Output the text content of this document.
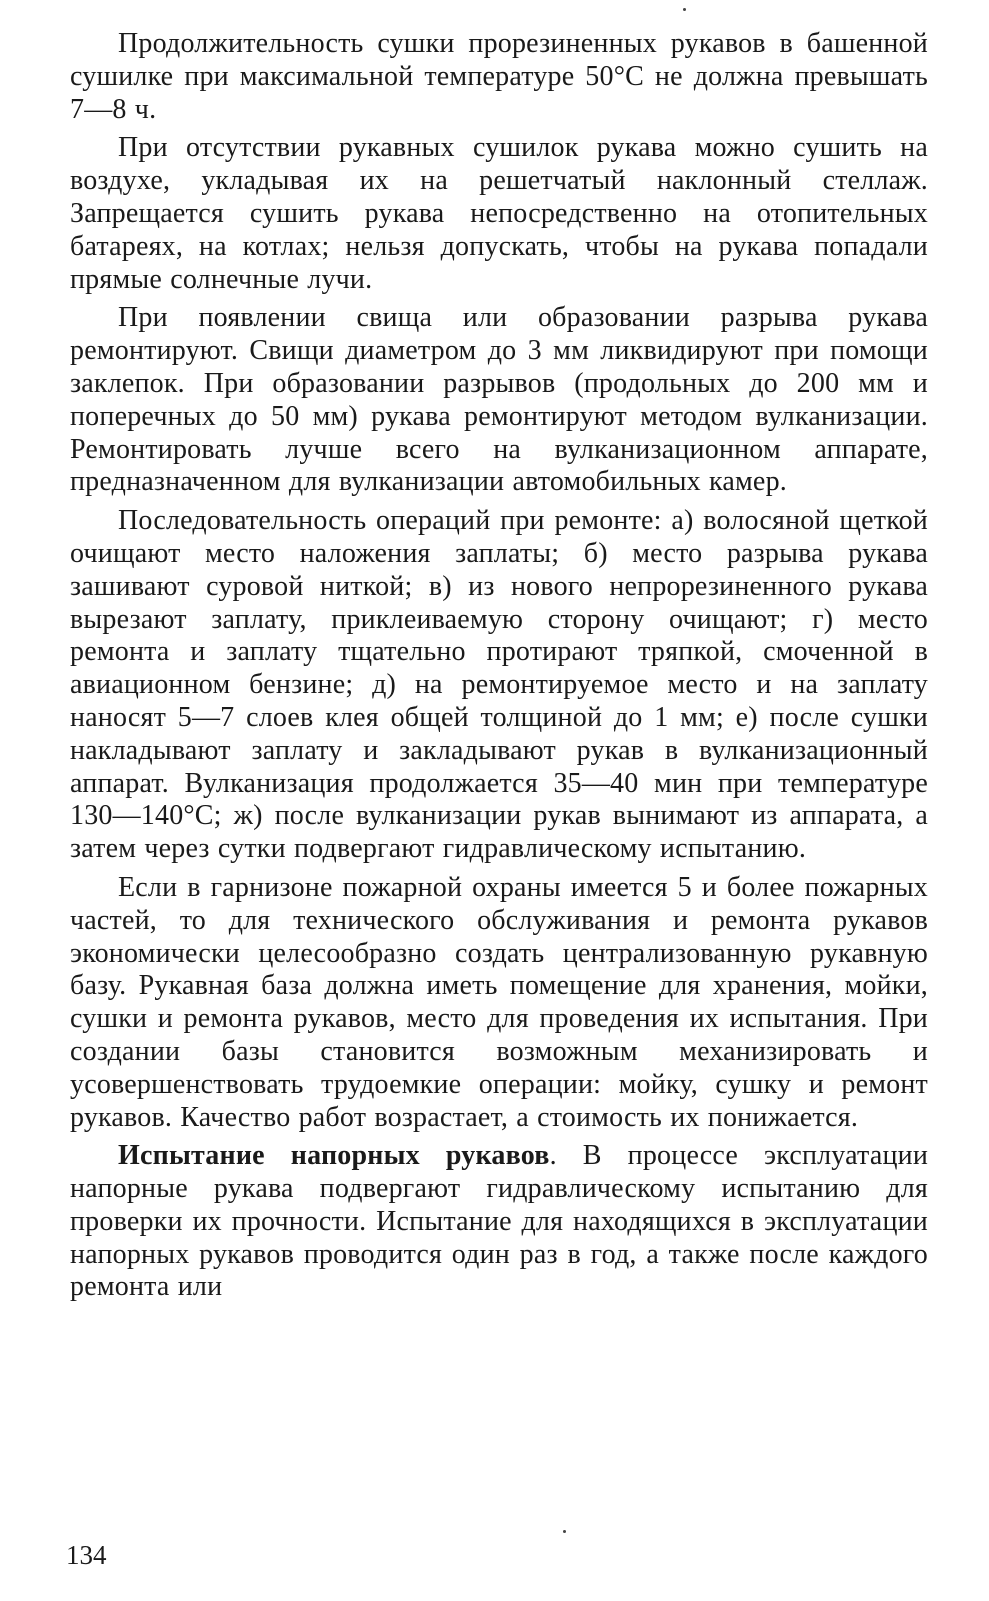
Продолжительность сушки прорезиненных рукавов в башенной сушилке при максимальной температуре 50°C не должна превышать 7—8 ч.

При отсутствии рукавных сушилок рукава можно сушить на воздухе, укладывая их на решетчатый наклонный стеллаж. Запрещается сушить рукава непосредственно на отопительных батареях, на котлах; нельзя допускать, чтобы на рукава попадали прямые солнечные лучи.

При появлении свища или образовании разрыва рукава ремонтируют. Свищи диаметром до 3 мм ликвидируют при помощи заклепок. При образовании разрывов (продольных до 200 мм и поперечных до 50 мм) рукава ремонтируют методом вулканизации. Ремонтировать лучше всего на вулканизационном аппарате, предназначенном для вулканизации автомобильных камер.

Последовательность операций при ремонте: а) волосяной щеткой очищают место наложения заплаты; б) место разрыва рукава зашивают суровой ниткой; в) из нового непрорезиненного рукава вырезают заплату, приклеиваемую сторону очищают; г) место ремонта и заплату тщательно протирают тряпкой, смоченной в авиационном бензине; д) на ремонтируемое место и на заплату наносят 5—7 слоев клея общей толщиной до 1 мм; е) после сушки накладывают заплату и закладывают рукав в вулканизационный аппарат. Вулканизация продолжается 35—40 мин при температуре 130—140°C; ж) после вулканизации рукав вынимают из аппарата, а затем через сутки подвергают гидравлическому испытанию.

Если в гарнизоне пожарной охраны имеется 5 и более пожарных частей, то для технического обслуживания и ремонта рукавов экономически целесообразно создать централизованную рукавную базу. Рукавная база должна иметь помещение для хранения, мойки, сушки и ремонта рукавов, место для проведения их испытания. При создании базы становится возможным механизировать и усовершенствовать трудоемкие операции: мойку, сушку и ремонт рукавов. Качество работ возрастает, а стоимость их понижается.

Испытание напорных рукавов. В процессе эксплуатации напорные рукава подвергают гидравлическому испытанию для проверки их прочности. Испытание для находящихся в эксплуатации напорных рукавов проводится один раз в год, а также после каждого ремонта или

134
